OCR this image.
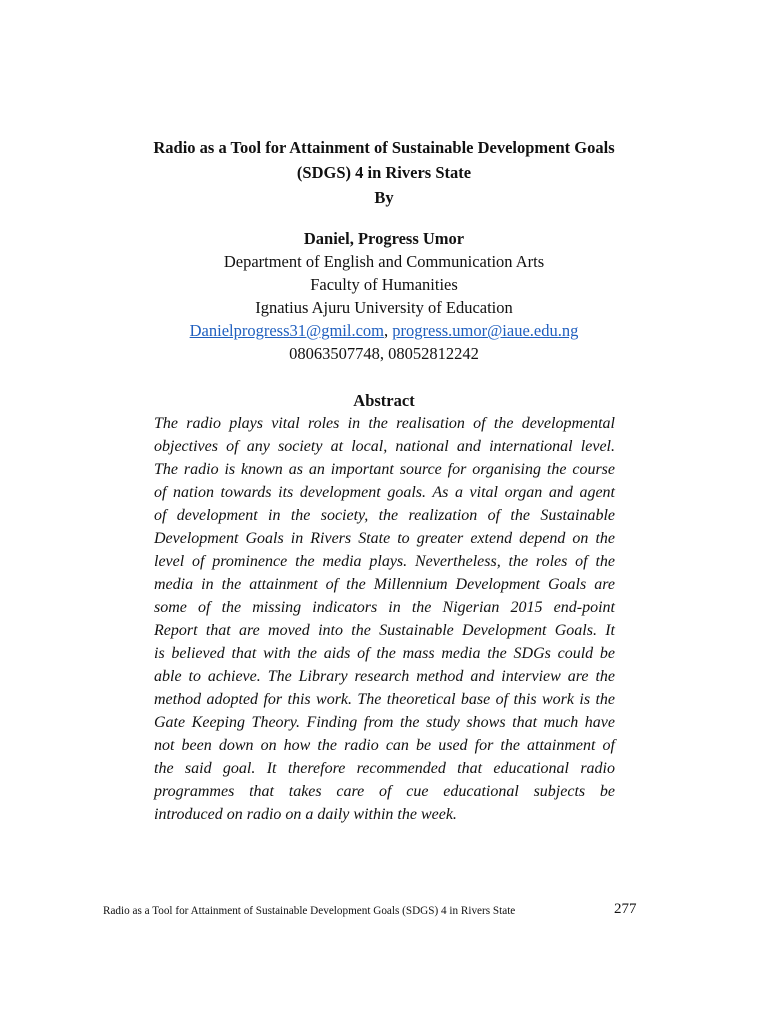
Radio as a Tool for Attainment of Sustainable Development Goals
(SDGS) 4 in Rivers State
By
Daniel, Progress Umor
Department of English and Communication Arts
Faculty of Humanities
Ignatius Ajuru University of Education
Danielprogress31@gmil.com, progress.umor@iaue.edu.ng
08063507748, 08052812242
Abstract
The radio plays vital roles in the realisation of the developmental
objectives of any society at local, national and international level.
The radio is known as an important source for organising the course
of nation towards its development goals. As a vital organ and agent
of development in the society, the realization of the Sustainable
Development Goals in Rivers State to greater extend depend on the
level of prominence the media plays. Nevertheless, the roles of the
media in the attainment of the Millennium Development Goals are
some of the missing indicators in the Nigerian 2015 end-point
Report that are moved into the Sustainable Development Goals. It
is believed that with the aids of the mass media the SDGs could be
able to achieve. The Library research method and interview are the
method adopted for this work. The theoretical base of this work is the
Gate Keeping Theory. Finding from the study shows that much have
not been down on how the radio can be used for the attainment of
the said goal. It therefore recommended that educational radio
programmes that takes care of cue educational subjects be
introduced on radio on a daily within the week.
Radio as a Tool for Attainment of Sustainable Development Goals (SDGS) 4 in Rivers State	277
